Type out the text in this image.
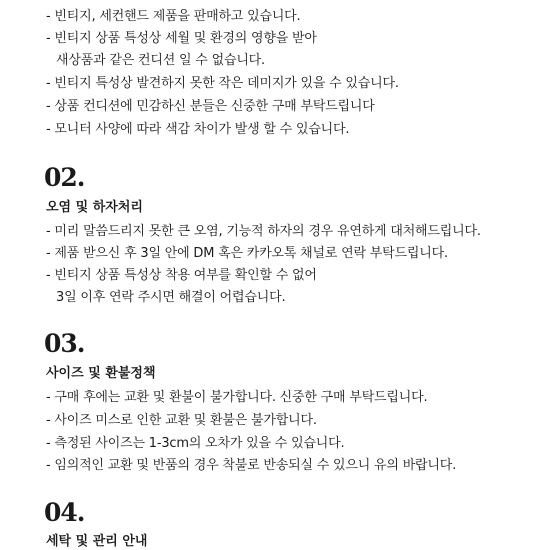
- 빈티지, 세컨핸드 제품을 판매하고 있습니다.
- 빈티지 상품 특성상 세월 및 환경의 영향을 받아
새상품과 같은 컨디션 일 수 없습니다.
- 빈티지 특성상 발견하지 못한 작은 데미지가 있을 수 있습니다.
- 상품 컨디션에 민감하신 분들은 신중한 구매 부탁드립니다
- 모니터 사양에 따라 색감 차이가 발생 할 수 있습니다.
02.
오염 및 하자처리
- 미리 말씀드리지 못한 큰 오염, 기능적 하자의 경우 유연하게 대처해드립니다.
- 제품 받으신 후 3일 안에 DM 혹은 카카오톡 채널로 연락 부탁드립니다.
- 빈티지 상품 특성상 착용 여부를 확인할 수 없어
3일 이후 연락 주시면 해결이 어렵습니다.
03.
사이즈 및 환불정책
- 구매 후에는 교환 및 환불이 불가합니다. 신중한 구매 부탁드립니다.
- 사이즈 미스로 인한 교환 및 환불은 불가합니다.
- 측정된 사이즈는 1-3cm의 오차가 있을 수 있습니다.
- 임의적인 교환 및 반품의 경우 착불로 반송되실 수 있으니 유의 바랍니다.
04.
세탁 및 관리 안내
